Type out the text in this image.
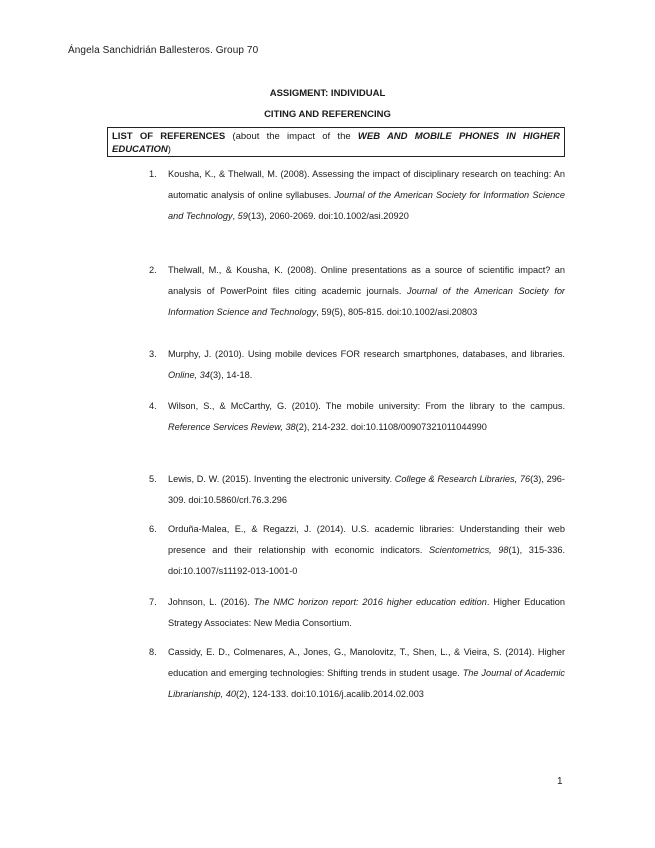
Ángela Sanchidrián Ballesteros. Group 70
ASSIGMENT: INDIVIDUAL
CITING AND REFERENCING
LIST OF REFERENCES (about the impact of the WEB AND MOBILE PHONES IN HIGHER EDUCATION)
1. Kousha, K., & Thelwall, M. (2008). Assessing the impact of disciplinary research on teaching: An automatic analysis of online syllabuses. Journal of the American Society for Information Science and Technology, 59(13), 2060-2069. doi:10.1002/asi.20920
2. Thelwall, M., & Kousha, K. (2008). Online presentations as a source of scientific impact? an analysis of PowerPoint files citing academic journals. Journal of the American Society for Information Science and Technology, 59(5), 805-815. doi:10.1002/asi.20803
3. Murphy, J. (2010). Using mobile devices FOR research smartphones, databases, and libraries. Online, 34(3), 14-18.
4. Wilson, S., & McCarthy, G. (2010). The mobile university: From the library to the campus. Reference Services Review, 38(2), 214-232. doi:10.1108/00907321011044990
5. Lewis, D. W. (2015). Inventing the electronic university. College & Research Libraries, 76(3), 296-309. doi:10.5860/crl.76.3.296
6. Orduña-Malea, E., & Regazzi, J. (2014). U.S. academic libraries: Understanding their web presence and their relationship with economic indicators. Scientometrics, 98(1), 315-336. doi:10.1007/s11192-013-1001-0
7. Johnson, L. (2016). The NMC horizon report: 2016 higher education edition. Higher Education Strategy Associates: New Media Consortium.
8. Cassidy, E. D., Colmenares, A., Jones, G., Manolovitz, T., Shen, L., & Vieira, S. (2014). Higher education and emerging technologies: Shifting trends in student usage. The Journal of Academic Librarianship, 40(2), 124-133. doi:10.1016/j.acalib.2014.02.003
1
